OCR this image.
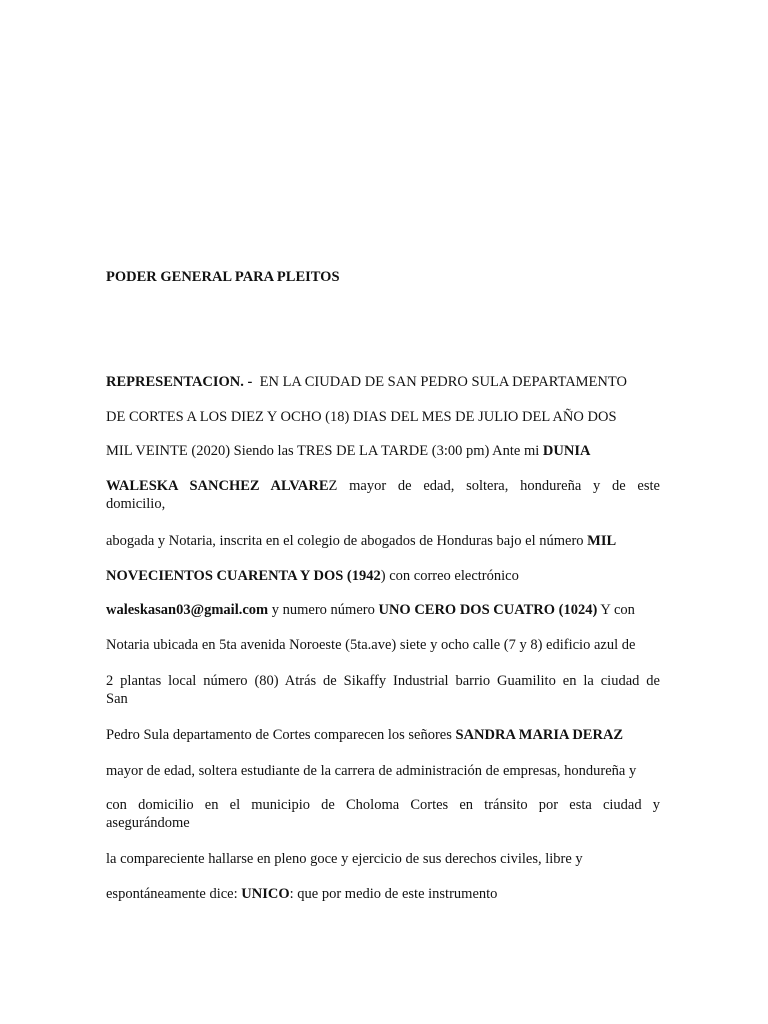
PODER GENERAL PARA PLEITOS
REPRESENTACION. -  EN LA CIUDAD DE SAN PEDRO SULA DEPARTAMENTO
DE CORTES A LOS DIEZ Y OCHO (18) DIAS DEL MES DE JULIO DEL AÑO DOS
MIL VEINTE (2020) Siendo las TRES DE LA TARDE (3:00 pm) Ante mi DUNIA
WALESKA SANCHEZ ALVAREZ mayor de edad, soltera, hondureña y de este
domicilio,
abogada y Notaria, inscrita en el colegio de abogados de Honduras bajo el número MIL
NOVECIENTOS CUARENTA Y DOS (1942) con correo electrónico
waleskasan03@gmail.com y numero número UNO CERO DOS CUATRO (1024) Y con
Notaria ubicada en 5ta avenida Noroeste (5ta.ave) siete y ocho calle (7 y 8) edificio azul de
2 plantas local número (80) Atrás de Sikaffy Industrial barrio Guamilito en la ciudad de
San
Pedro Sula departamento de Cortes comparecen los señores SANDRA MARIA DERAZ
mayor de edad, soltera estudiante de la carrera de administración de empresas, hondureña y
con domicilio en el municipio de Choloma Cortes en tránsito por esta ciudad y
asegurándome
la compareciente hallarse en pleno goce y ejercicio de sus derechos civiles, libre y
espontáneamente dice: UNICO: que por medio de este instrumento
